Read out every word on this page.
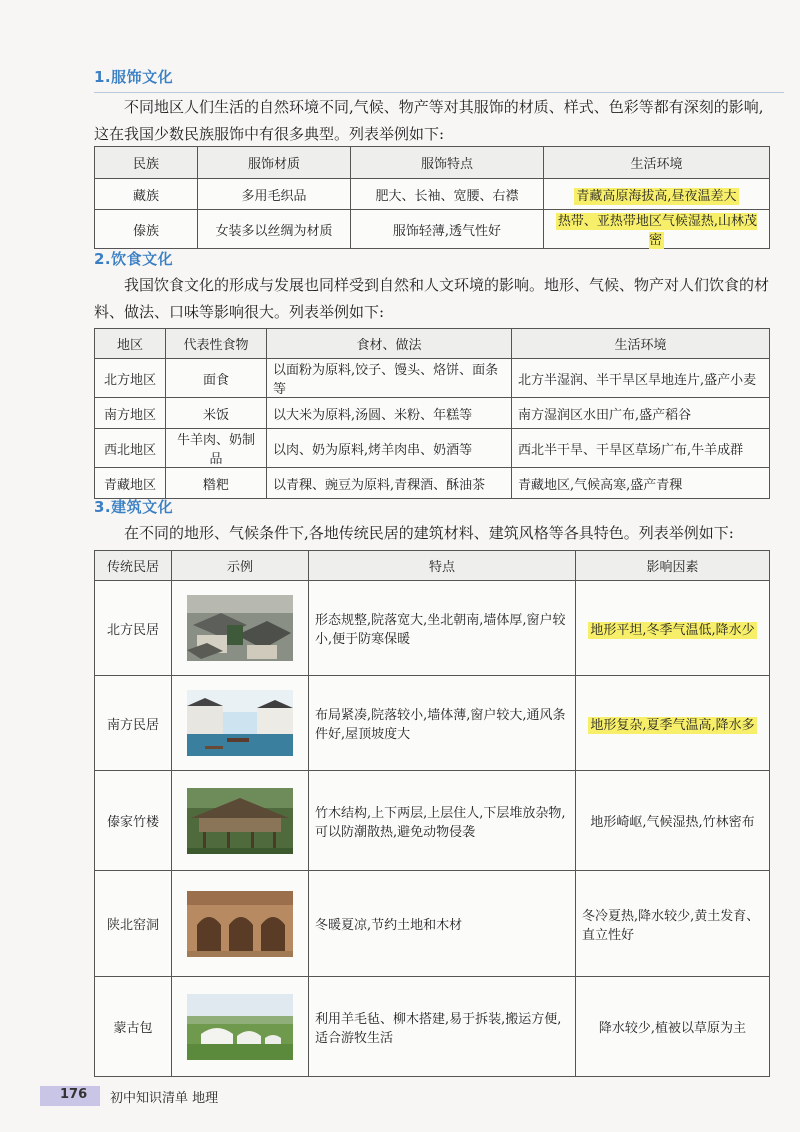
1.服饰文化
不同地区人们生活的自然环境不同,气候、物产等对其服饰的材质、样式、色彩等都有深刻的影响,这在我国少数民族服饰中有很多典型。列表举例如下:
民族	服饰材质	服饰特点	生活环境
藏族	多用毛织品	肥大、长袖、宽腰、右襟	青藏高原海拔高,昼夜温差大
傣族	女装多以丝绸为材质	服饰轻薄,透气性好	热带、亚热带地区气候湿热,山林茂密
2.饮食文化
我国饮食文化的形成与发展也同样受到自然和人文环境的影响。地形、气候、物产对人们饮食的材料、做法、口味等影响很大。列表举例如下:
地区	代表性食物	食材、做法	生活环境
北方地区	面食	以面粉为原料,饺子、馒头、烙饼、面条等	北方半湿润、半干旱区旱地连片,盛产小麦
南方地区	米饭	以大米为原料,汤圆、米粉、年糕等	南方湿润区水田广布,盛产稻谷
西北地区	牛羊肉、奶制品	以肉、奶为原料,烤羊肉串、奶酒等	西北半干旱、干旱区草场广布,牛羊成群
青藏地区	糌粑	以青稞、豌豆为原料,青稞酒、酥油茶	青藏地区,气候高寒,盛产青稞
3.建筑文化
在不同的地形、气候条件下,各地传统民居的建筑材料、建筑风格等各具特色。列表举例如下:
传统民居	示例	特点	影响因素
北方民居		形态规整,院落宽大,坐北朝南,墙体厚,窗户较小,便于防寒保暖	地形平坦,冬季气温低,降水少
南方民居		布局紧凑,院落较小,墙体薄,窗户较大,通风条件好,屋顶坡度大	地形复杂,夏季气温高,降水多
傣家竹楼		竹木结构,上下两层,上层住人,下层堆放杂物,可以防潮散热,避免动物侵袭	地形崎岖,气候湿热,竹林密布
陕北窑洞		冬暖夏凉,节约土地和木材	冬冷夏热,降水较少,黄土发育、直立性好
蒙古包		利用羊毛毡、柳木搭建,易于拆装,搬运方便,适合游牧生活	降水较少,植被以草原为主
176 初中知识清单 地理
